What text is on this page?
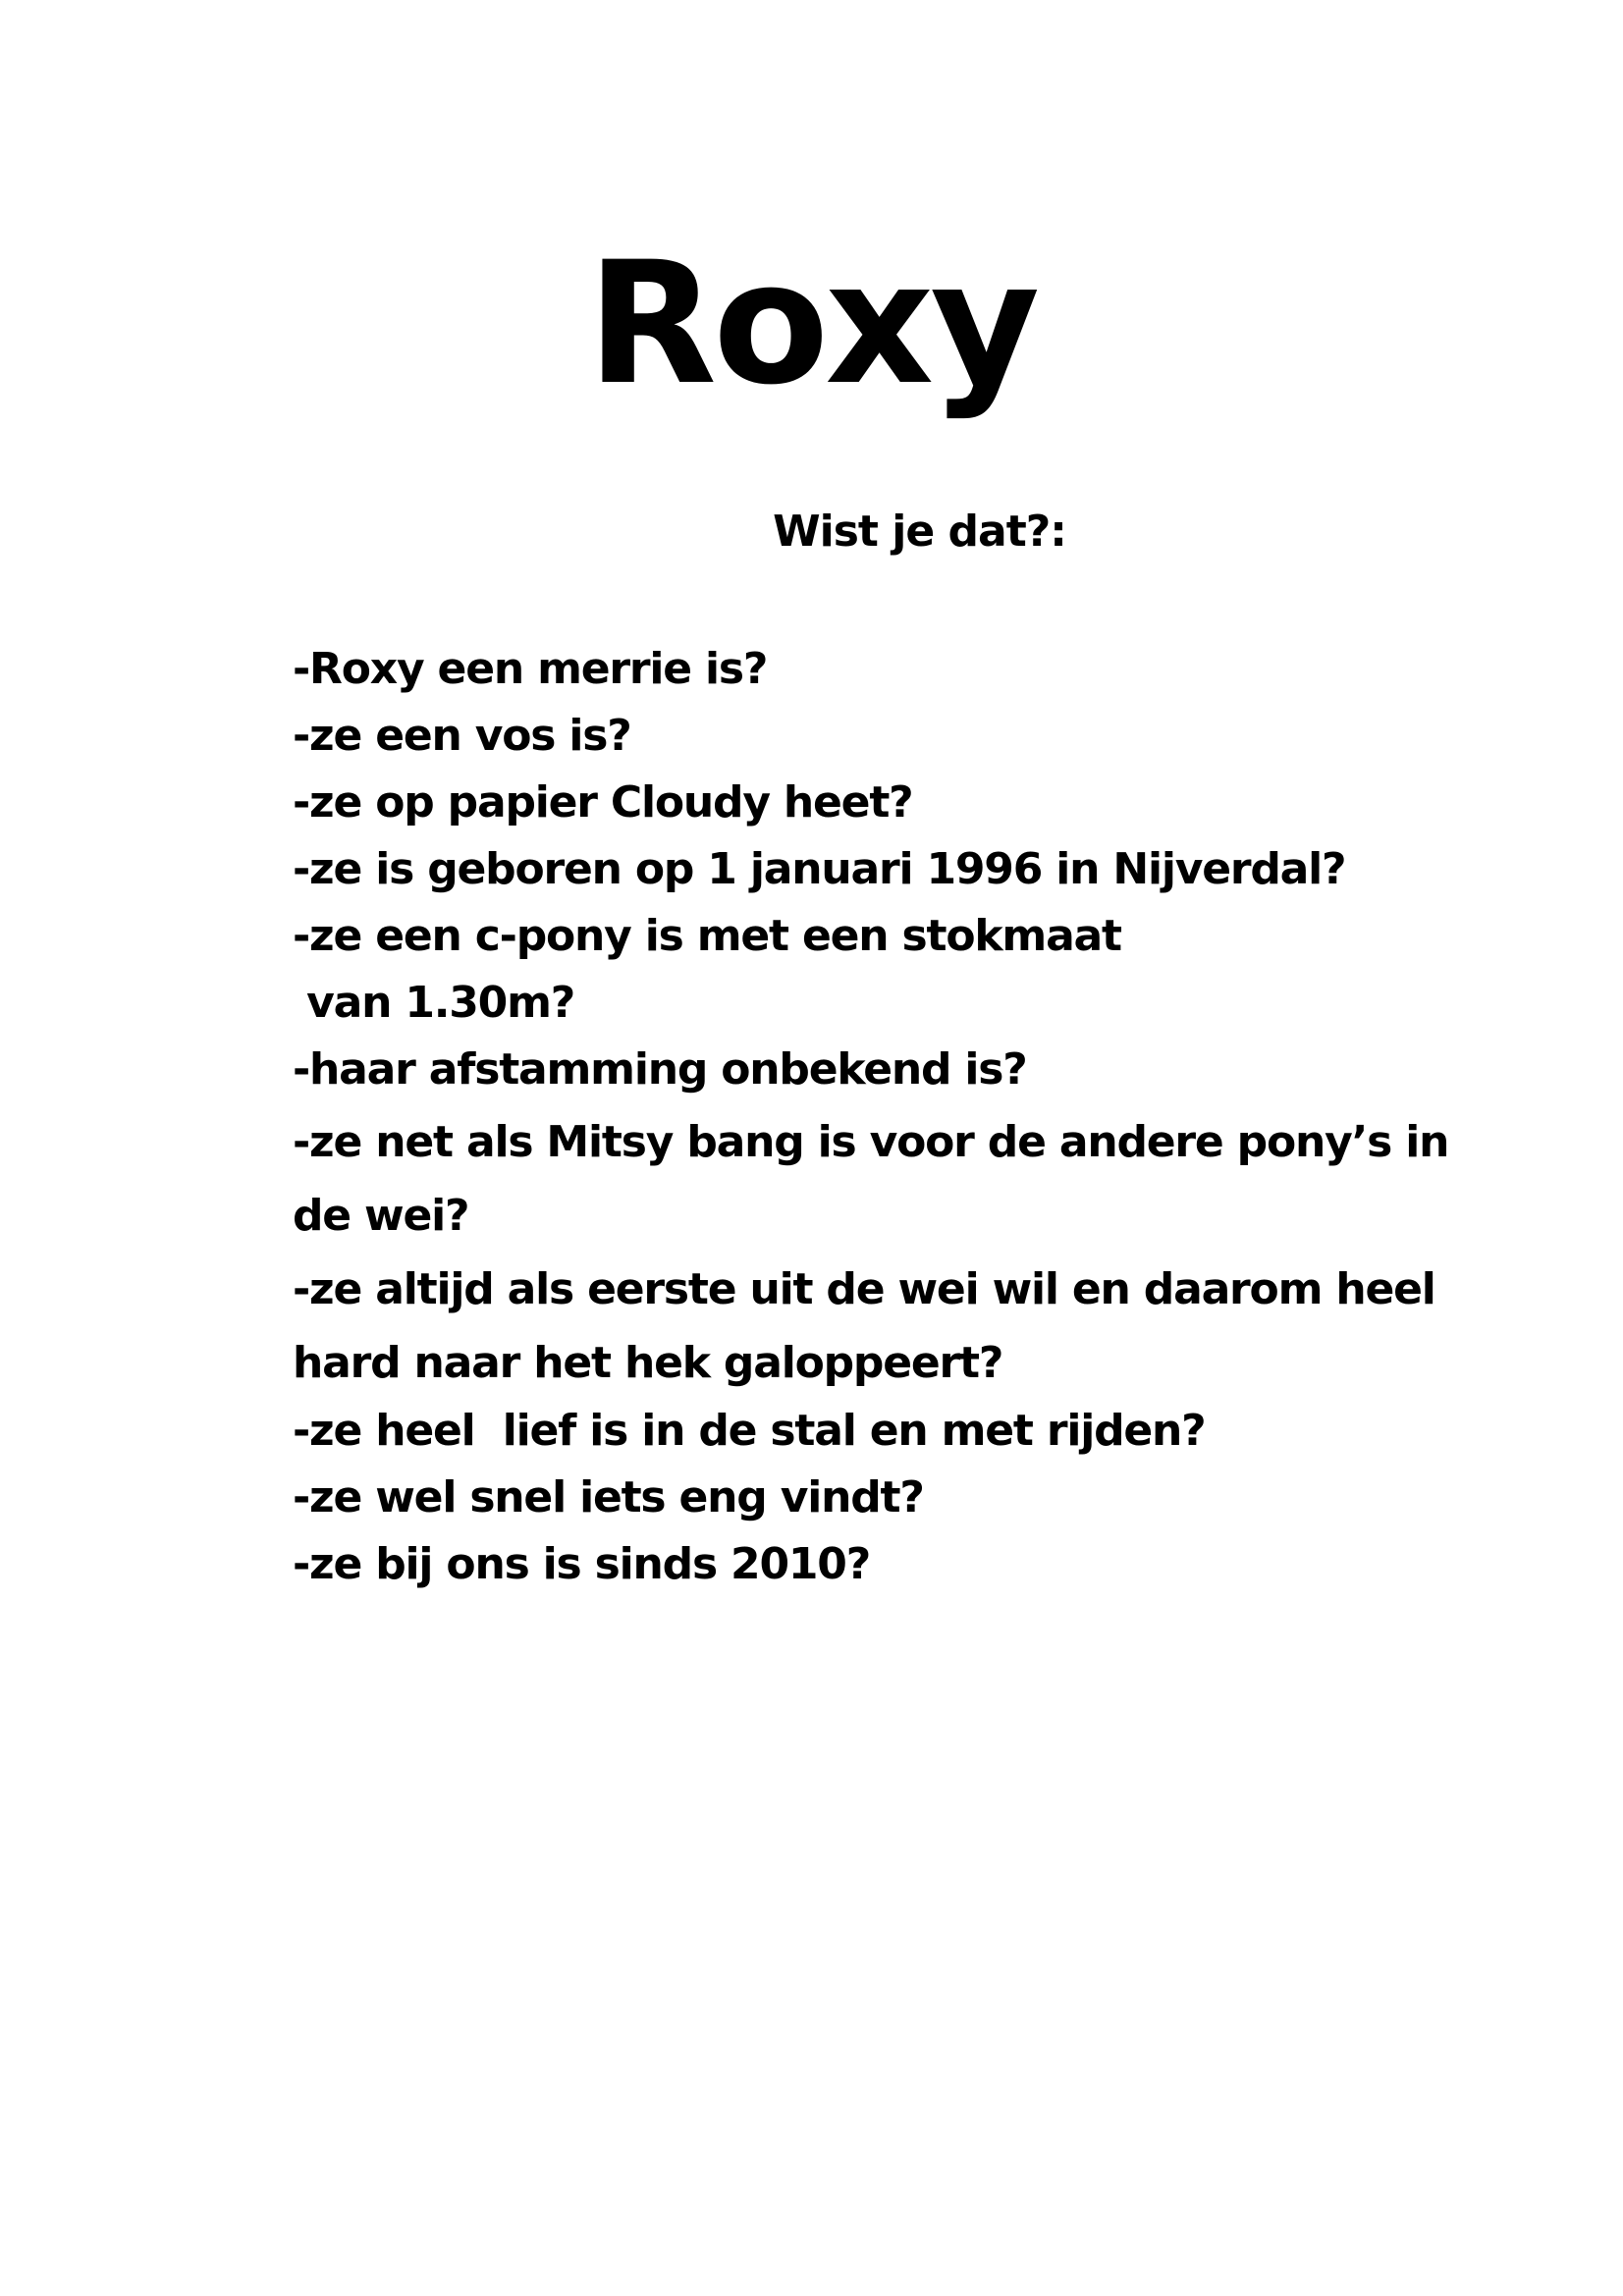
Roxy
Wist je dat?:
-Roxy een merrie is?
-ze een vos is?
-ze op papier Cloudy heet?
-ze is geboren op 1 januari 1996 in Nijverdal?
-ze een c-pony is met een stokmaat
van 1.30m?
-haar afstamming onbekend is?
-ze net als Mitsy bang is voor de andere pony’s in
de wei?
-ze altijd als eerste uit de wei wil en daarom heel
hard naar het hek galoppeert?
-ze heel  lief is in de stal en met rijden?
-ze wel snel iets eng vindt?
-ze bij ons is sinds 2010?
